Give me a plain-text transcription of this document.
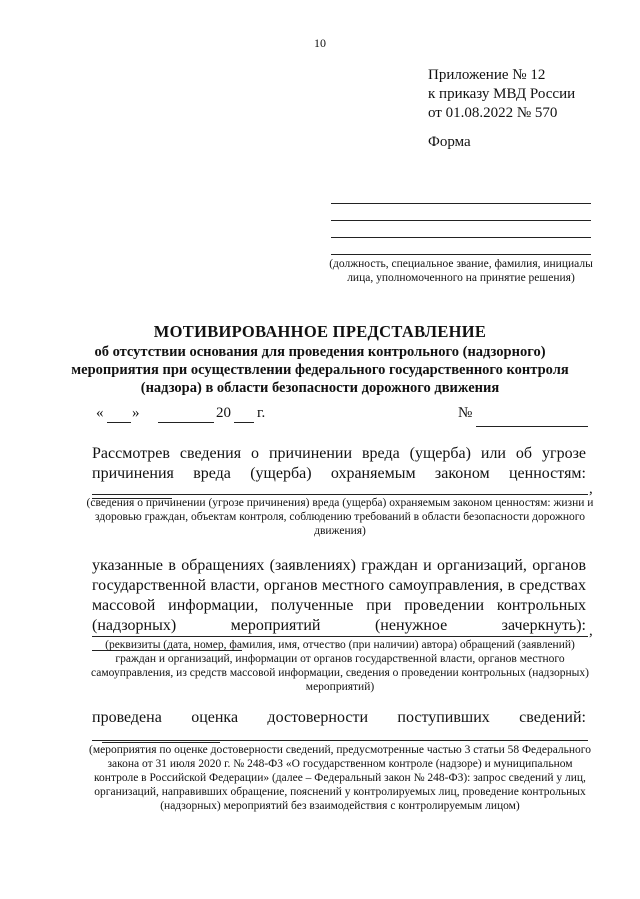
10
Приложение № 12
к приказу МВД России
от 01.08.2022 № 570
Форма
(должность, специальное звание, фамилия, инициалы лица, уполномоченного на принятие решения)
МОТИВИРОВАННОЕ ПРЕДСТАВЛЕНИЕ
об отсутствии основания для проведения контрольного (надзорного) мероприятия при осуществлении федерального государственного контроля (надзора) в области безопасности дорожного движения
« »	20 г.	№
Рассмотрев сведения о причинении вреда (ущерба) или об угрозе причинения вреда (ущерба) охраняемым законом ценностям:
,
(сведения о причинении (угрозе причинения) вреда (ущерба) охраняемым законом ценностям: жизни и здоровью граждан, объектам контроля, соблюдению требований в области безопасности дорожного движения)
указанные в обращениях (заявлениях) граждан и организаций, органов государственной власти, органов местного самоуправления, в средствах массовой информации, полученные при проведении контрольных (надзорных) мероприятий (ненужное зачеркнуть): ,
(реквизиты (дата, номер, фамилия, имя, отчество (при наличии) автора) обращений (заявлений) граждан и организаций, информации от органов государственной власти, органов местного самоуправления, из средств массовой информации, сведения о проведении контрольных (надзорных) мероприятий)
проведена оценка достоверности поступивших сведений:
(мероприятия по оценке достоверности сведений, предусмотренные частью 3 статьи 58 Федерального закона от 31 июля 2020 г. № 248-ФЗ «О государственном контроле (надзоре) и муниципальном контроле в Российской Федерации» (далее – Федеральный закон № 248-ФЗ): запрос сведений у лиц, организаций, направивших обращение, пояснений у контролируемых лиц, проведение контрольных (надзорных) мероприятий без взаимодействия с контролируемым лицом)
